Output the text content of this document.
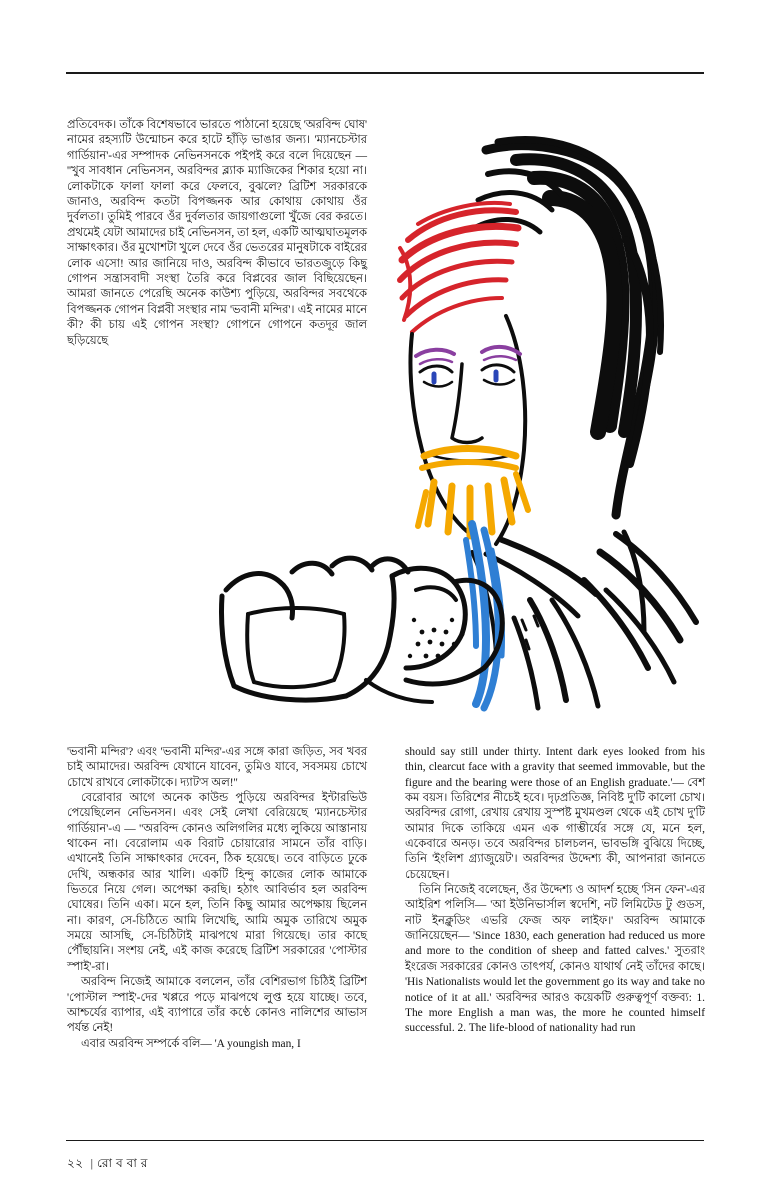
প্রতিবেদক। তাঁকে বিশেষভাবে ভারতে পাঠানো হয়েছে 'অরবিন্দ ঘোষ' নামের রহস্যটি উন্মোচন করে হাটে হাঁড়ি ভাঙার জন্য। 'ম্যানচেস্টার গার্ডিয়ান'-এর সম্পাদক নেভিনসনকে পইপই করে বলে দিয়েছেন — ''খুব সাবধান নেভিনসন, অরবিন্দর ব্ল্যাক ম্যাজিকের শিকার হয়ো না। লোকটাকে ফালা ফালা করে ফেলবে, বুঝলে? ব্রিটিশ সরকারকে জানাও, অরবিন্দ কতটা বিপজ্জনক আর কোথায় কোথায় ওঁর দুর্বলতা। তুমিই পারবে ওঁর দুর্বলতার জায়গাগুলো খুঁজে বের করতে। প্রথমেই যেটা আমাদের চাই নেভিনসন, তা হল, একটি আত্মঘাতমূলক সাক্ষাৎকার। ওঁর মুখোশটা খুলে দেবে ওঁর ভেতরের মানুষটাকে বাইরের লোক এসো! আর জানিয়ে দাও, অরবিন্দ কীভাবে ভারতজুড়ে কিছু গোপন সন্ত্রাসবাদী সংস্থা তৈরি করে বিপ্লবের জাল বিছিয়েছেন। আমরা জানতে পেরেছি অনেক কাউশ্য পুড়িয়ে, অরবিন্দর সবথেকে বিপজ্জনক গোপন বিপ্লবী সংস্থার নাম 'ভবানী মন্দির'। এই নামের মানে কী? কী চায় এই গোপন সংস্থা? গোপনে গোপনে কতদূর জাল ছড়িয়েছে

'ভবানী মন্দির'? এবং 'ভবানী মন্দির'-এর সঙ্গে কারা জড়িত, সব খবর চাই আমাদের। অরবিন্দ যেখানে যাবেন, তুমিও যাবে, সবসময় চোখে চোখে রাখবে লোকটাকে। দ্যাট'স অল!''

বেরোবার আগে অনেক কাউন্ড পুড়িয়ে অরবিন্দর ইন্টারভিউ পেয়েছিলেন নেভিনসন। এবং সেই লেখা বেরিয়েছে 'ম্যানচেস্টার গার্ডিয়ান'-এ — ''অরবিন্দ কোনও অলিগলির মধ্যে লুকিয়ে আস্তানায় থাকেন না। বেরোলাম এক বিরাট চোয়ারাের সামনে তাঁর বাড়ি। এখানেই তিনি সাক্ষাৎকার দেবেন, ঠিক হয়েছে। তবে বাড়িতে ঢুকে দেখি, অন্ধকার আর খালি। একটি হিন্দু কাজের লোক আমাকে ভিতরে নিয়ে গেল। অপেক্ষা করছি। হঠাৎ আবির্ভাব হল অরবিন্দ ঘোষের। তিনি একা। মনে হল, তিনি কিছু আমার অপেক্ষায় ছিলেন না। কারণ, সে-চিঠিতে আমি লিখেছি, আমি অমুক তারিখে অমুক সময়ে আসছি, সে-চিঠিটাই মাঝপথে মারা গিয়েছে। তার কাছে পৌঁছায়নি। সংশয় নেই, এই কাজ করেছে ব্রিটিশ সরকারের 'পোস্টার স্পাই'-রা।

অরবিন্দ নিজেই আমাকে বললেন, তাঁর বেশিরভাগ চিঠিই ব্রিটিশ 'পোস্টাল স্পাই'-দের খপ্পরে পড়ে মাঝপথে লুপ্ত হয়ে যাচ্ছে। তবে, আশ্চর্যের ব্যাপার, এই ব্যাপারে তাঁর কণ্ঠে কোনও নালিশের আভাস পর্যন্ত নেই!

এবার অরবিন্দ সম্পর্কে বলি— 'A youngish man, I

should say still under thirty. Intent dark eyes looked from his thin, clearcut face with a gravity that seemed immovable, but the figure and the bearing were those of an English graduate.'— বেশ কম বয়স। তিরিশের নীচেই হবে। দৃঢ়প্রতিজ্ঞ, নিবিষ্ট দু'টি কালো চোখ। অরবিন্দর রোগা, রেখায় রেখায় সুস্পষ্ট মুখমণ্ডল থেকে এই চোখ দু'টি আমার দিকে তাকিয়ে এমন এক গাম্ভীর্যের সঙ্গে যে, মনে হল, একেবারে অনড়। তবে অরবিন্দর চালচলন, ভাবভঙ্গি বুঝিয়ে দিচ্ছে, তিনি 'ইংলিশ গ্র্যাজুয়েট'। অরবিন্দর উদ্দেশ্য কী, আপনারা জানতে চেয়েছেন।

তিনি নিজেই বলেছেন, ওঁর উদ্দেশ্য ও আদর্শ হচ্ছে 'সিন ফেন'-এর আইরিশ পলিসি— 'আ ইউনিভার্সাল স্বদেশি, নট লিমিটেড টু গুডস, নাট ইনক্লুডিং এভরি ফেজ অফ লাইফ।' অরবিন্দ আমাকে জানিয়েছেন— 'Since 1830, each generation had reduced us more and more to the condition of sheep and fatted calves.' সুতরাং ইংরেজ সরকারের কোনও তাৎপর্য, কোনও যাথার্থ নেই তাঁদের কাছে। 'His Nationalists would let the government go its way and take no notice of it at all.' অরবিন্দর আরও কয়েকটি গুরুত্বপূর্ণ বক্তব্য: 1. The more English a man was, the more he counted himself successful. 2. The life-blood of nationality had run

২২ | রো ব বা র
